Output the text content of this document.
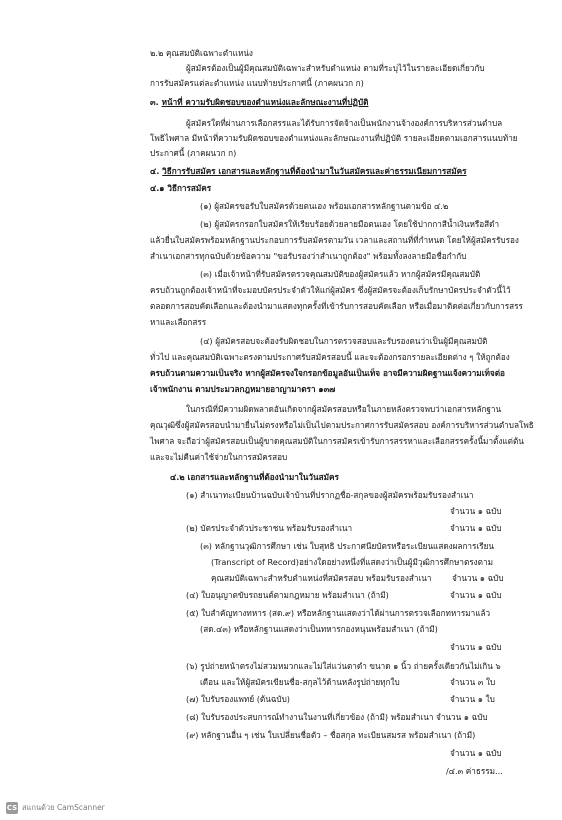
๒.๒ คุณสมบัติเฉพาะตำแหน่ง
ผู้สมัครต้องเป็นผู้มีคุณสมบัติเฉพาะสำหรับตำแหน่ง ตามที่ระบุไว้ในรายละเอียดเกี่ยวกับ
การรับสมัครแต่ละตำแหน่ง แนบท้ายประกาศนี้ (ภาคผนวก ก)
๓. หน้าที่ ความรับผิดชอบของตำแหน่งและลักษณะงานที่ปฏิบัติ
ผู้สมัครใดที่ผ่านการเลือกสรรและได้รับการจัดจ้างเป็นพนักงานจ้างองค์การบริหารส่วนตำบล
โพธิไพศาล มีหน้าที่ความรับผิดชอบของตำแหน่งและลักษณะงานที่ปฏิบัติ รายละเอียดตามเอกสารแนบท้าย
ประกาศนี้ (ภาคผนวก ก)
๔. วิธีการรับสมัคร เอกสารและหลักฐานที่ต้องนำมาในวันสมัครและค่าธรรมเนียมการสมัคร
๔.๑ วิธีการสมัคร
(๑) ผู้สมัครขอรับใบสมัครด้วยตนเอง พร้อมเอกสารหลักฐานตามข้อ ๔.๒
(๒) ผู้สมัครกรอกใบสมัครให้เรียบร้อยด้วยลายมือตนเอง โดยใช้ปากกาสีน้ำเงินหรือสีดำ
แล้วยื่นใบสมัครพร้อมหลักฐานประกอบการรับสมัครตามวัน เวลาและสถานที่ที่กำหนด โดยให้ผู้สมัครรับรอง
สำเนาเอกสารทุกฉบับด้วยข้อความ "ขอรับรองว่าสำเนาถูกต้อง" พร้อมทั้งลงลายมือชื่อกำกับ
(๓) เมื่อเจ้าหน้าที่รับสมัครตรวจคุณสมบัติของผู้สมัครแล้ว หากผู้สมัครมีคุณสมบัติ
ครบถ้วนถูกต้องเจ้าหน้าที่จะมอบบัตรประจำตัวให้แก่ผู้สมัคร ซึ่งผู้สมัครจะต้องเก็บรักษาบัตรประจำตัวนี้ไว้
ตลอดการสอบคัดเลือกและต้องนำมาแสดงทุกครั้งที่เข้ารับการสอบคัดเลือก หรือเมื่อมาติดต่อเกี่ยวกับการสรร
หาและเลือกสรร
(๔) ผู้สมัครสอบจะต้องรับผิดชอบในการตรวจสอบและรับรองตนว่าเป็นผู้มีคุณสมบัติ
ทั่วไป และคุณสมบัติเฉพาะตรงตามประกาศรับสมัครสอบนี้ และจะต้องกรอกรายละเอียดต่าง ๆ ให้ถูกต้อง
ครบถ้วนตามความเป็นจริง หากผู้สมัครจงใจกรอกข้อมูลอันเป็นเท็จ อาจมีความผิดฐานแจ้งความเท็จต่อ
เจ้าพนักงาน ตามประมวลกฎหมายอาญามาตรา ๑๓๗
ในกรณีที่มีความผิดพลาดอันเกิดจากผู้สมัครสอบหรือในภายหลังตรวจพบว่าเอกสารหลักฐาน
คุณวุฒิซึ่งผู้สมัครสอบนำมายื่นไม่ตรงหรือไม่เป็นไปตามประกาศการรับสมัครสอบ องค์การบริหารส่วนตำบลโพธิ
ไพศาล จะถือว่าผู้สมัครสอบเป็นผู้ขาดคุณสมบัติในการสมัครเข้ารับการสรรหาและเลือกสรรครั้งนี้มาตั้งแต่ต้น
และจะไม่คืนค่าใช้จ่ายในการสมัครสอบ
๔.๒ เอกสารและหลักฐานที่ต้องนำมาในวันสมัคร
(๑) สำเนาทะเบียนบ้านฉบับเจ้าบ้านที่ปรากฏชื่อ-สกุลของผู้สมัครพร้อมรับรองสำเนา
จำนวน ๑ ฉบับ
(๒) บัตรประจำตัวประชาชน พร้อมรับรองสำเนา	จำนวน ๑ ฉบับ
(๓) หลักฐานวุฒิการศึกษา เช่น ใบสุทธิ ประกาศนียบัตรหรือระเบียนแสดงผลการเรียน
(Transcript of Record)อย่างใดอย่างหนึ่งที่แสดงว่าเป็นผู้มีวุฒิการศึกษาตรงตาม
คุณสมบัติเฉพาะสำหรับตำแหน่งที่สมัครสอบ พร้อมรับรองสำเนา จำนวน ๑ ฉบับ
(๔) ใบอนุญาตขับรถยนต์ตามกฎหมาย พร้อมสำเนา (ถ้ามี)	จำนวน ๑ ฉบับ
(๕) ใบสำคัญทางทหาร (สด.๙) หรือหลักฐานแสดงว่าได้ผ่านการตรวจเลือกทหารมาแล้ว
(สด.๔๓) หรือหลักฐานแสดงว่าเป็นทหารกองหนุนพร้อมสำเนา (ถ้ามี)
จำนวน ๑ ฉบับ
(๖) รูปถ่ายหน้าตรงไม่สวมหมวกและไม่ใส่แว่นตาดำ ขนาด ๑ นิ้ว ถ่ายครั้งเดียวกันไม่เกิน ๖
เดือน และให้ผู้สมัครเขียนชื่อ-สกุลไว้ด้านหลังรูปถ่ายทุกใบ	จำนวน ๓ ใบ
(๗) ใบรับรองแพทย์ (ต้นฉบับ)	จำนวน ๑ ใบ
(๘) ใบรับรองประสบการณ์ทำงานในงานที่เกี่ยวข้อง (ถ้ามี) พร้อมสำเนา จำนวน ๑ ฉบับ
(๙) หลักฐานอื่น ๆ เช่น ใบเปลี่ยนชื่อตัว – ชื่อสกุล ทะเบียนสมรส พร้อมสำเนา (ถ้ามี)
จำนวน ๑ ฉบับ
/๔.๓ ค่าธรรม...
CS สแกนด้วย CamScanner
